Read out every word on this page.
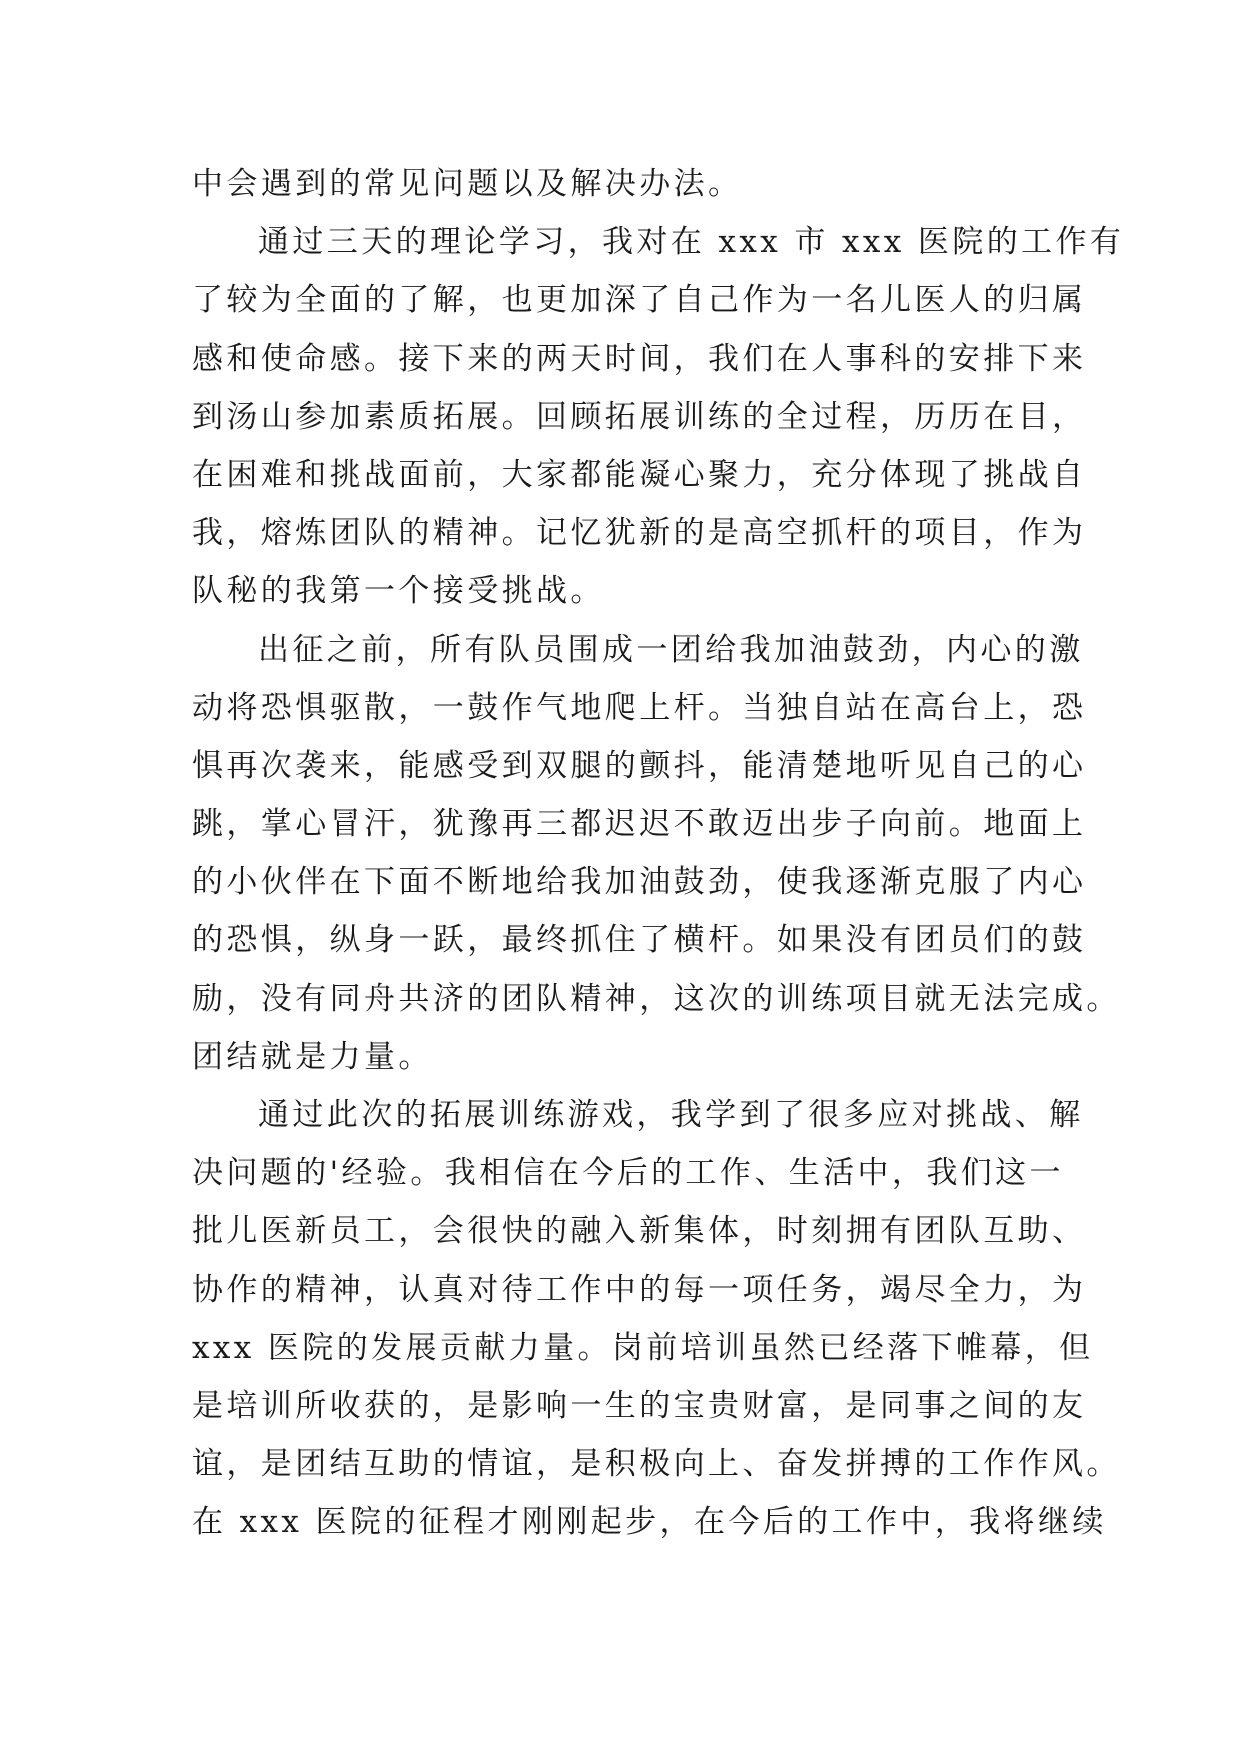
中会遇到的常见问题以及解决办法。
通过三天的理论学习，我对在 xxx 市 xxx 医院的工作有
了较为全面的了解，也更加深了自己作为一名儿医人的归属
感和使命感。接下来的两天时间，我们在人事科的安排下来
到汤山参加素质拓展。回顾拓展训练的全过程，历历在目，
在困难和挑战面前，大家都能凝心聚力，充分体现了挑战自
我，熔炼团队的精神。记忆犹新的是高空抓杆的项目，作为
队秘的我第一个接受挑战。
出征之前，所有队员围成一团给我加油鼓劲，内心的激
动将恐惧驱散，一鼓作气地爬上杆。当独自站在高台上，恐
惧再次袭来，能感受到双腿的颤抖，能清楚地听见自己的心
跳，掌心冒汗，犹豫再三都迟迟不敢迈出步子向前。地面上
的小伙伴在下面不断地给我加油鼓劲，使我逐渐克服了内心
的恐惧，纵身一跃，最终抓住了横杆。如果没有团员们的鼓
励，没有同舟共济的团队精神，这次的训练项目就无法完成。
团结就是力量。
通过此次的拓展训练游戏，我学到了很多应对挑战、解
决问题的'经验。我相信在今后的工作、生活中，我们这一
批儿医新员工，会很快的融入新集体，时刻拥有团队互助、
协作的精神，认真对待工作中的每一项任务，竭尽全力，为
xxx 医院的发展贡献力量。岗前培训虽然已经落下帷幕，但
是培训所收获的，是影响一生的宝贵财富，是同事之间的友
谊，是团结互助的情谊，是积极向上、奋发拼搏的工作作风。
在 xxx 医院的征程才刚刚起步，在今后的工作中，我将继续
